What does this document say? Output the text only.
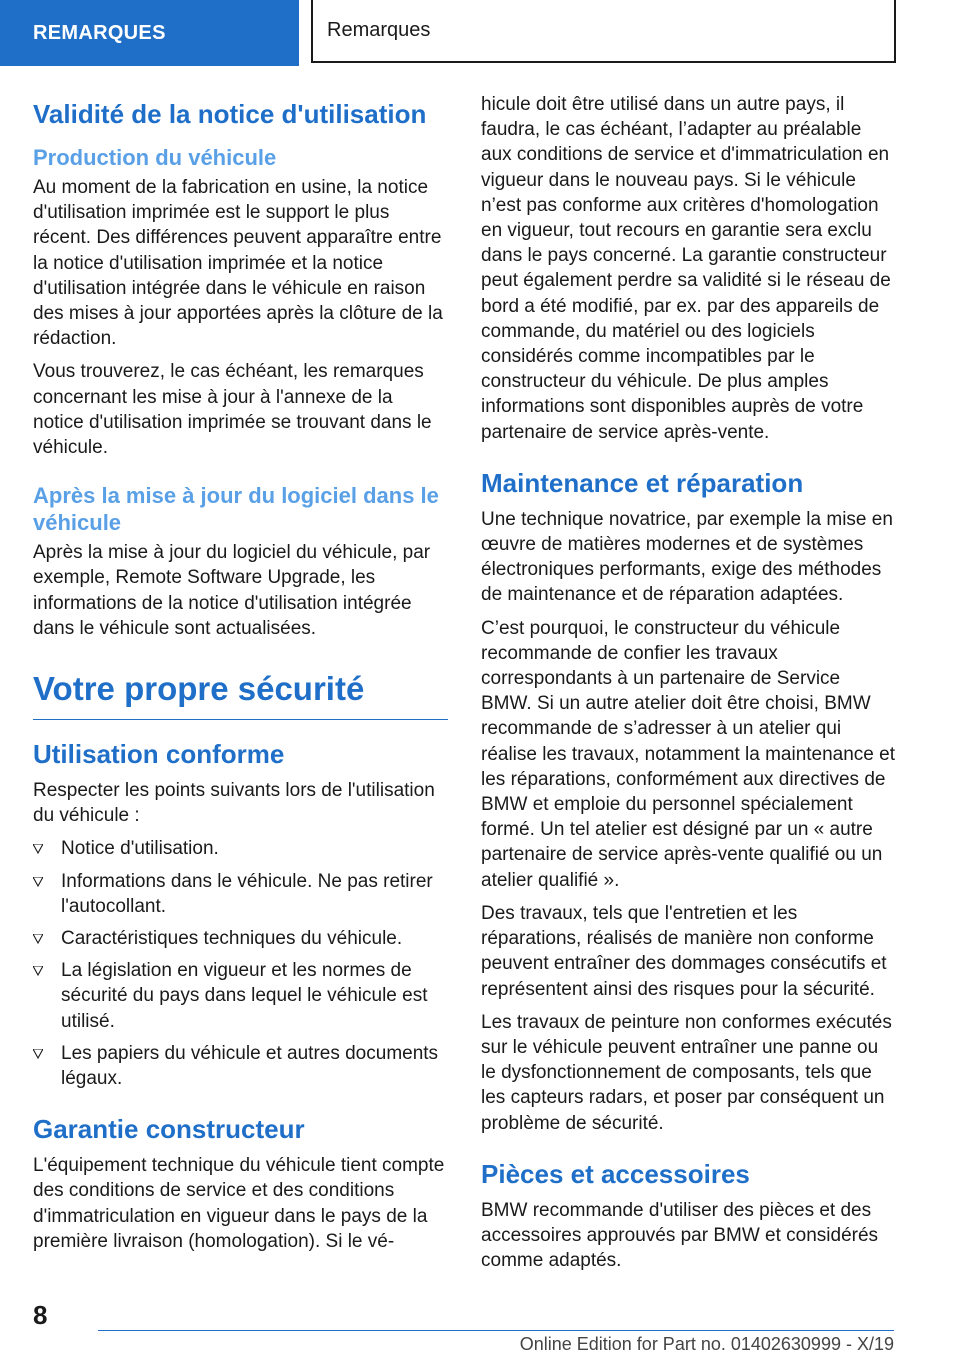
REMARQUES	Remarques
Validité de la notice d'utilisation
Production du véhicule

Au moment de la fabrication en usine, la notice d'utilisation imprimée est le support le plus récent. Des différences peuvent apparaître entre la notice d'utilisation imprimée et la notice d'utilisation intégrée dans le véhicule en raison des mises à jour apportées après la clôture de la rédaction.

Vous trouverez, le cas échéant, les remarques concernant les mise à jour à l'annexe de la notice d'utilisation imprimée se trouvant dans le véhicule.

Après la mise à jour du logiciel dans le véhicule

Après la mise à jour du logiciel du véhicule, par exemple, Remote Software Upgrade, les informations de la notice d'utilisation intégrée dans le véhicule sont actualisées.

Votre propre sécurité
Utilisation conforme

Respecter les points suivants lors de l'utilisation du véhicule :

Notice d'utilisation.
Informations dans le véhicule. Ne pas retirer l'autocollant.
Caractéristiques techniques du véhicule.
La législation en vigueur et les normes de sécurité du pays dans lequel le véhicule est utilisé.
Les papiers du véhicule et autres documents légaux.
Garantie constructeur

L'équipement technique du véhicule tient compte des conditions de service et des conditions d'immatriculation en vigueur dans le pays de la première livraison (homologation). Si le vé-

hicule doit être utilisé dans un autre pays, il faudra, le cas échéant, l’adapter au préalable aux conditions de service et d'immatriculation en vigueur dans le nouveau pays. Si le véhicule n’est pas conforme aux critères d'homologation en vigueur, tout recours en garantie sera exclu dans le pays concerné. La garantie constructeur peut également perdre sa validité si le réseau de bord a été modifié, par ex. par des appareils de commande, du matériel ou des logiciels considérés comme incompatibles par le constructeur du véhicule. De plus amples informations sont disponibles auprès de votre partenaire de service après-vente.

Maintenance et réparation

Une technique novatrice, par exemple la mise en œuvre de matières modernes et de systèmes électroniques performants, exige des méthodes de maintenance et de réparation adaptées.

C’est pourquoi, le constructeur du véhicule recommande de confier les travaux correspondants à un partenaire de Service BMW. Si un autre atelier doit être choisi, BMW recommande de s’adresser à un atelier qui réalise les travaux, notamment la maintenance et les réparations, conformément aux directives de BMW et emploie du personnel spécialement formé. Un tel atelier est désigné par un « autre partenaire de service après-vente qualifié ou un atelier qualifié ».

Des travaux, tels que l'entretien et les réparations, réalisés de manière non conforme peuvent entraîner des dommages consécutifs et représentent ainsi des risques pour la sécurité.

Les travaux de peinture non conformes exécutés sur le véhicule peuvent entraîner une panne ou le dysfonctionnement de composants, tels que les capteurs radars, et poser par conséquent un problème de sécurité.

Pièces et accessoires

BMW recommande d'utiliser des pièces et des accessoires approuvés par BMW et considérés comme adaptés.

8
Online Edition for Part no. 01402630999 - X/19
